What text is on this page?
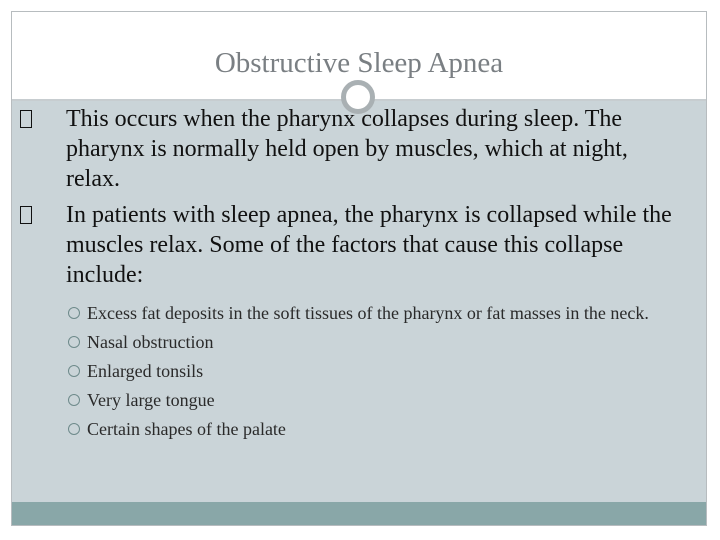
Obstructive Sleep Apnea
This occurs when the pharynx collapses during sleep. The pharynx is normally held open by muscles, which at night, relax.
In patients with sleep apnea, the pharynx is collapsed while the muscles relax. Some of the factors that cause this collapse include:
Excess fat deposits in the soft tissues of the pharynx or fat masses in the neck.
Nasal obstruction
Enlarged tonsils
Very large tongue
Certain shapes of the palate
